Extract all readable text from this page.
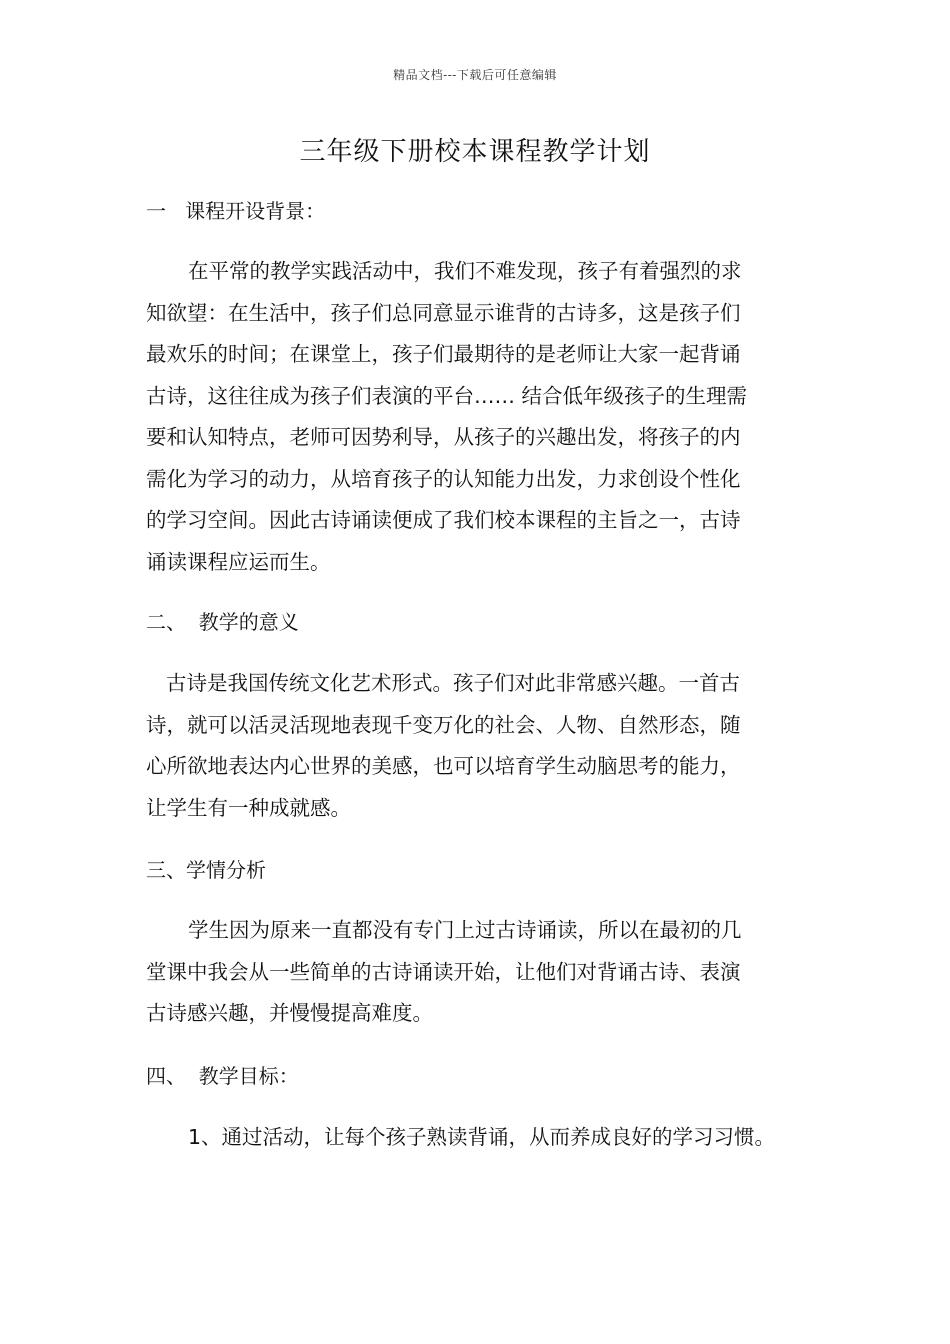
精品文档---下载后可任意编辑
三年级下册校本课程教学计划
一   课程开设背景：
在平常的教学实践活动中，我们不难发现，孩子有着强烈的求
知欲望：在生活中，孩子们总同意显示谁背的古诗多，这是孩子们
最欢乐的时间；在课堂上，孩子们最期待的是老师让大家一起背诵
古诗，这往往成为孩子们表演的平台…… 结合低年级孩子的生理需
要和认知特点，老师可因势利导，从孩子的兴趣出发，将孩子的内
需化为学习的动力，从培育孩子的认知能力出发，力求创设个性化
的学习空间。因此古诗诵读便成了我们校本课程的主旨之一，古诗
诵读课程应运而生。
二、  教学的意义
古诗是我国传统文化艺术形式。孩子们对此非常感兴趣。一首古
诗，就可以活灵活现地表现千变万化的社会、人物、自然形态，随
心所欲地表达内心世界的美感，也可以培育学生动脑思考的能力，
让学生有一种成就感。
三、学情分析
学生因为原来一直都没有专门上过古诗诵读，所以在最初的几
堂课中我会从一些简单的古诗诵读开始，让他们对背诵古诗、表演
古诗感兴趣，并慢慢提高难度。
四、  教学目标：
1、通过活动，让每个孩子熟读背诵，从而养成良好的学习习惯。
